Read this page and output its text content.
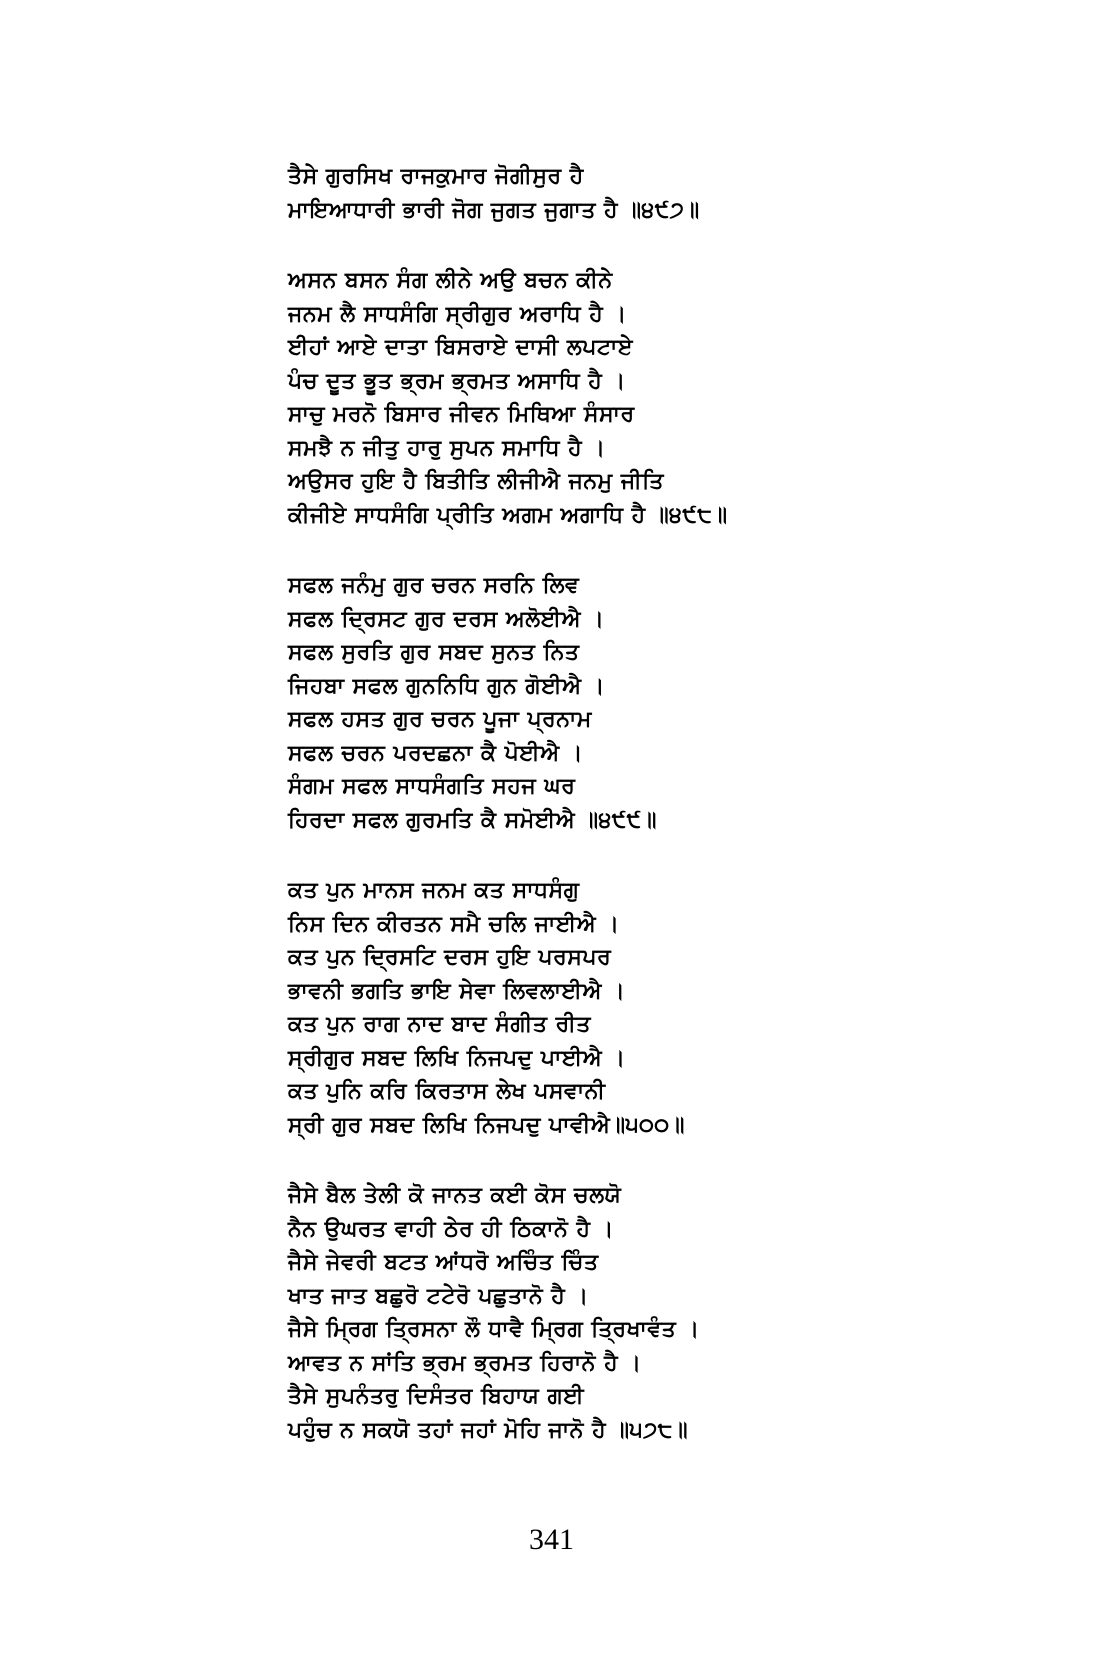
ਤੈਸੇ ਗੁਰਸਿਖ ਰਾਜਕੁਮਾਰ ਜੋਗੀਸੁਰ ਹੈ
ਮਾਇਆਧਾਰੀ ਭਾਰੀ ਜੋਗ ਜੁਗਤ ਜੁਗਾਤ ਹੈ ॥੪੯੭॥
ਅਸਨ ਬਸਨ ਸੰਗ ਲੀਨੇ ਅਉ ਬਚਨ ਕੀਨੇ
ਜਨਮ ਲੈ ਸਾਧਸੰਗਿ ਸ੍ਰੀਗੁਰ ਅਰਾਧਿ ਹੈ ।
ਈਹਾਂ ਆਏ ਦਾਤਾ ਬਿਸਰਾਏ ਦਾਸੀ ਲਪਟਾਏ
ਪੰਚ ਦੂਤ ਭੂਤ ਭ੍ਰਮ ਭ੍ਰਮਤ ਅਸਾਧਿ ਹੈ ।
ਸਾਚੁ ਮਰਨੋ ਬਿਸਾਰ ਜੀਵਨ ਮਿਥਿਆ ਸੰਸਾਰ
ਸਮਝੈ ਨ ਜੀਤੁ ਹਾਰੁ ਸੁਪਨ ਸਮਾਧਿ ਹੈ ।
ਅਉਸਰ ਹੁਇ ਹੈ ਬਿਤੀਤਿ ਲੀਜੀਐ ਜਨਮੁ ਜੀਤਿ
ਕੀਜੀਏ ਸਾਧਸੰਗਿ ਪ੍ਰੀਤਿ ਅਗਮ ਅਗਾਧਿ ਹੈ ॥੪੯੮॥
ਸਫਲ ਜਨੰਮੁ ਗੁਰ ਚਰਨ ਸਰਨਿ ਲਿਵ
ਸਫਲ ਦ੍ਰਿਸਟ ਗੁਰ ਦਰਸ ਅਲੋਈਐ ।
ਸਫਲ ਸੁਰਤਿ ਗੁਰ ਸਬਦ ਸੁਨਤ ਨਿਤ
ਜਿਹਬਾ ਸਫਲ ਗੁਨਨਿਧਿ ਗੁਨ ਗੋਈਐ ।
ਸਫਲ ਹਸਤ ਗੁਰ ਚਰਨ ਪੂਜਾ ਪ੍ਰਨਾਮ
ਸਫਲ ਚਰਨ ਪਰਦਛਨਾ ਕੈ ਪੋਈਐ ।
ਸੰਗਮ ਸਫਲ ਸਾਧਸੰਗਤਿ ਸਹਜ ਘਰ
ਹਿਰਦਾ ਸਫਲ ਗੁਰਮਤਿ ਕੈ ਸਮੋਈਐ ॥੪੯੯॥
ਕਤ ਪੁਨ ਮਾਨਸ ਜਨਮ ਕਤ ਸਾਧਸੰਗੁ
ਨਿਸ ਦਿਨ ਕੀਰਤਨ ਸਮੈ ਚਲਿ ਜਾਈਐ ।
ਕਤ ਪੁਨ ਦ੍ਰਿਸਟਿ ਦਰਸ ਹੁਇ ਪਰਸਪਰ
ਭਾਵਨੀ ਭਗਤਿ ਭਾਇ ਸੇਵਾ ਲਿਵਲਾਈਐ ।
ਕਤ ਪੁਨ ਰਾਗ ਨਾਦ ਬਾਦ ਸੰਗੀਤ ਰੀਤ
ਸ੍ਰੀਗੁਰ ਸਬਦ ਲਿਖਿ ਨਿਜਪਦੁ ਪਾਈਐ ।
ਕਤ ਪੁਨਿ ਕਰਿ ਕਿਰਤਾਸ ਲੇਖ ਪਸਵਾਨੀ
ਸ੍ਰੀ ਗੁਰ ਸਬਦ ਲਿਖਿ ਨਿਜਪਦੁ ਪਾਵੀਐ॥੫੦੦॥
ਜੈਸੇ ਬੈਲ ਤੇਲੀ ਕੋ ਜਾਨਤ ਕਈ ਕੋਸ ਚਲਯੋ
ਨੈਨ ਉਘਰਤ ਵਾਹੀ ਠੇਰ ਹੀ ਠਿਕਾਨੋ ਹੈ ।
ਜੈਸੇ ਜੇਵਰੀ ਬਟਤ ਆਂਧਰੋ ਅਚਿੰਤ ਚਿੰਤ
ਖਾਤ ਜਾਤ ਬਛੁਰੋ ਟਟੇਰੋ ਪਛੁਤਾਨੋ ਹੈ ।
ਜੈਸੇ ਮ੍ਰਿਗ ਤ੍ਰਿਸਨਾ ਲੌ ਧਾਵੈ ਮ੍ਰਿਗ ਤ੍ਰਿਖਾਵੰਤ ।
ਆਵਤ ਨ ਸਾਂਤਿ ਭ੍ਰਮ ਭ੍ਰਮਤ ਹਿਰਾਨੋ ਹੈ ।
ਤੈਸੇ ਸੁਪਨੰਤਰੁ ਦਿਸੰਤਰ ਬਿਹਾਯ ਗਈ
ਪਹੁੰਚ ਨ ਸਕਯੋ ਤਹਾਂ ਜਹਾਂ ਮੋਹਿ ਜਾਨੋ ਹੈ ॥੫੭੮॥
341
